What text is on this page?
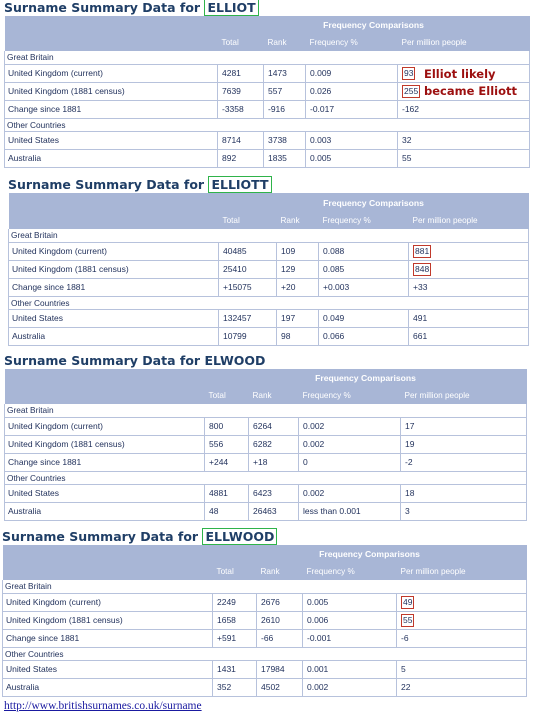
Surname Summary Data for ELLIOT
	Frequency Comparisons			
	Total	Rank	Frequency %	Per million people
Great Britain				
United Kingdom (current)	4281	1473	0.009	93
United Kingdom (1881 census)	7639	557	0.026	255
Change since 1881	-3358	-916	-0.017	-162
Other Countries				
United States	8714	3738	0.003	32
Australia	892	1835	0.005	55
Elliot likely
became Elliott
Surname Summary Data for ELLIOTT
	Frequency Comparisons			
	Total	Rank	Frequency %	Per million people
Great Britain				
United Kingdom (current)	40485	109	0.088	881
United Kingdom (1881 census)	25410	129	0.085	848
Change since 1881	+15075	+20	+0.003	+33
Other Countries				
United States	132457	197	0.049	491
Australia	10799	98	0.066	661
Surname Summary Data for ELWOOD
	Frequency Comparisons			
	Total	Rank	Frequency %	Per million people
Great Britain				
United Kingdom (current)	800	6264	0.002	17
United Kingdom (1881 census)	556	6282	0.002	19
Change since 1881	+244	+18	0	-2
Other Countries				
United States	4881	6423	0.002	18
Australia	48	26463	less than 0.001	3
Surname Summary Data for ELLWOOD
	Frequency Comparisons			
	Total	Rank	Frequency %	Per million people
Great Britain				
United Kingdom (current)	2249	2676	0.005	49
United Kingdom (1881 census)	1658	2610	0.006	55
Change since 1881	+591	-66	-0.001	-6
Other Countries				
United States	1431	17984	0.001	5
Australia	352	4502	0.002	22
http://www.britishsurnames.co.uk/surname
